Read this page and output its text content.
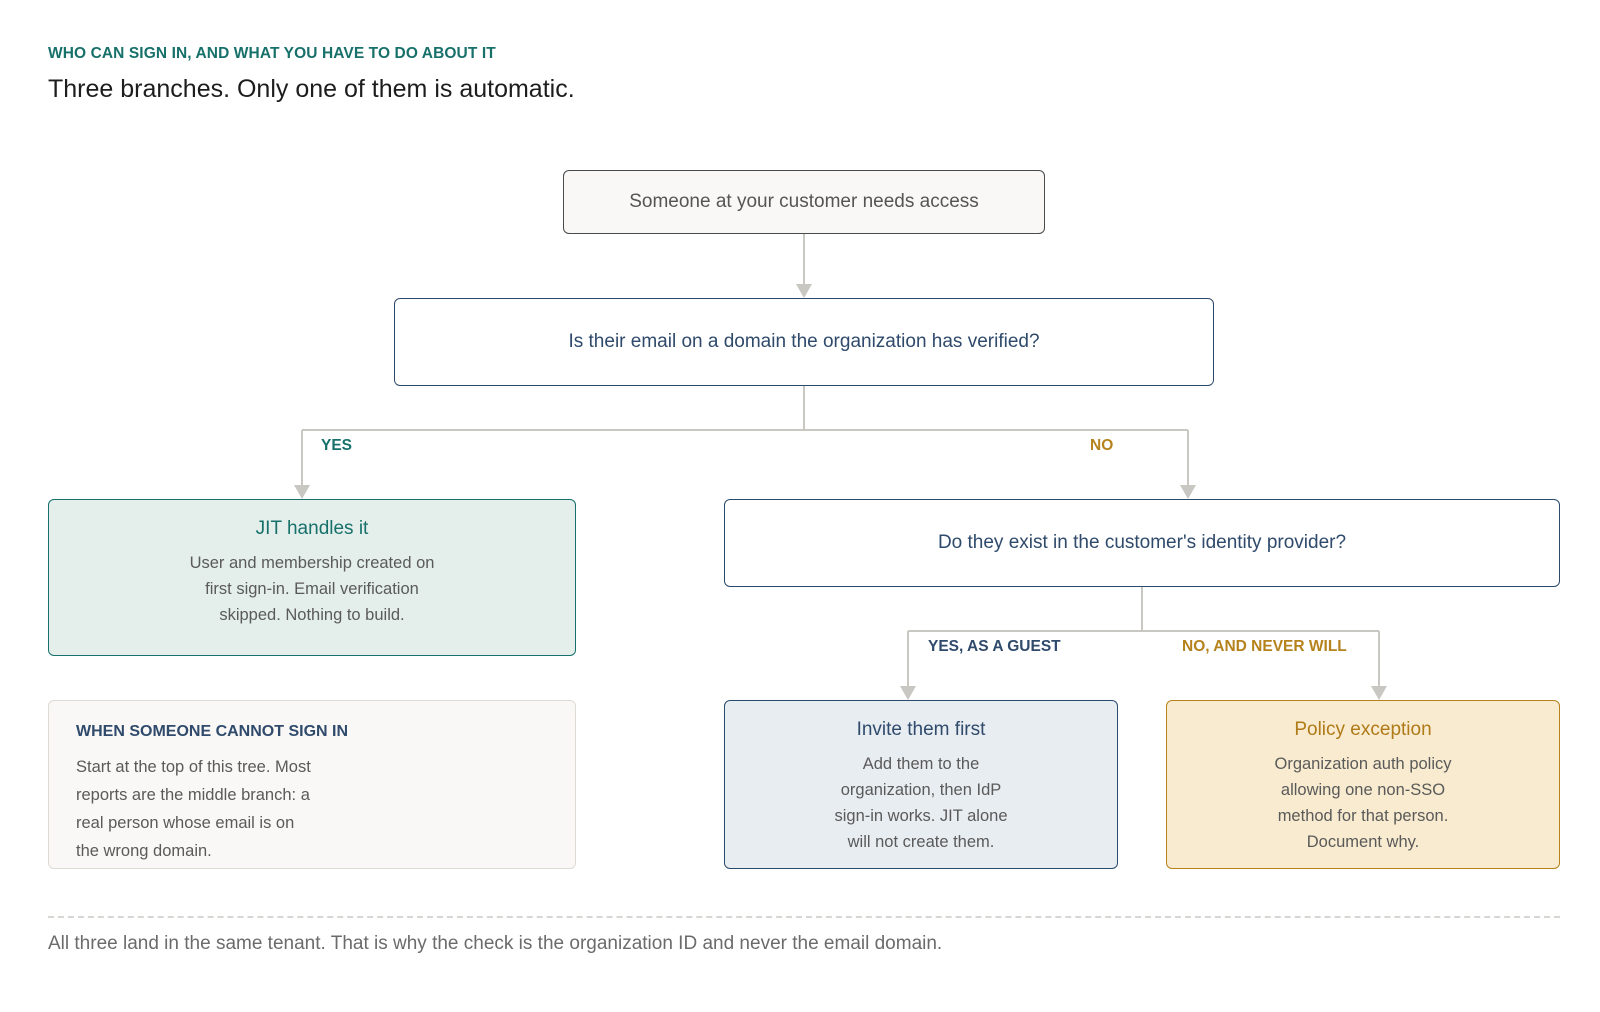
WHO CAN SIGN IN, AND WHAT YOU HAVE TO DO ABOUT IT
Three branches. Only one of them is automatic.
Someone at your customer needs access
Is their email on a domain the organization has verified?
YES	NO
JIT handles it
User and membership created on first sign-in. Email verification skipped. Nothing to build.
Do they exist in the customer's identity provider?
YES, AS A GUEST	NO, AND NEVER WILL
WHEN SOMEONE CANNOT SIGN IN
Start at the top of this tree. Most reports are the middle branch: a real person whose email is on the wrong domain.
Invite them first
Add them to the organization, then IdP sign-in works. JIT alone will not create them.
Policy exception
Organization auth policy allowing one non-SSO method for that person. Document why.
All three land in the same tenant. That is why the check is the organization ID and never the email domain.
